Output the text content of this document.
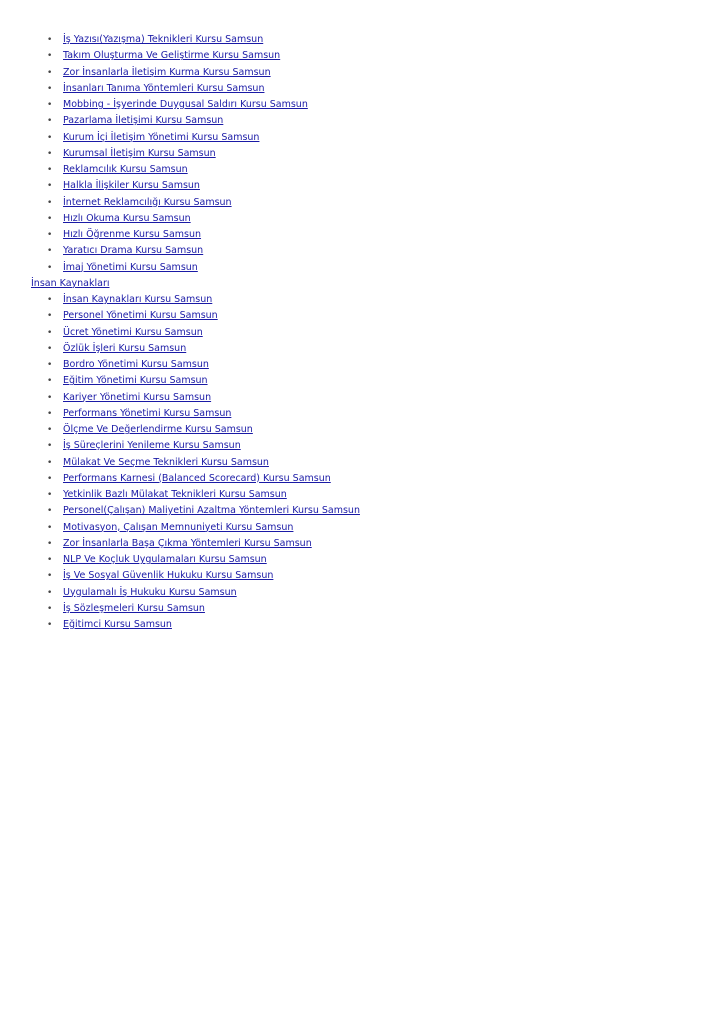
•	İş Yazısı(Yazışma) Teknikleri Kursu Samsun
•	Takım Oluşturma Ve Geliştirme Kursu Samsun
•	Zor İnsanlarla İletişim Kurma Kursu Samsun
•	İnsanları Tanıma Yöntemleri Kursu Samsun
•	Mobbing - İşyerinde Duygusal Saldırı Kursu Samsun
•	Pazarlama İletişimi Kursu Samsun
•	Kurum İçi İletişim Yönetimi Kursu Samsun
•	Kurumsal İletişim Kursu Samsun
•	Reklamcılık Kursu Samsun
•	Halkla İlişkiler Kursu Samsun
•	İnternet Reklamcılığı Kursu Samsun
•	Hızlı Okuma Kursu Samsun
•	Hızlı Öğrenme Kursu Samsun
•	Yaratıcı Drama Kursu Samsun
•	İmaj Yönetimi Kursu Samsun
İnsan Kaynakları
•	İnsan Kaynakları Kursu Samsun
•	Personel Yönetimi Kursu Samsun
•	Ücret Yönetimi Kursu Samsun
•	Özlük İşleri Kursu Samsun
•	Bordro Yönetimi Kursu Samsun
•	Eğitim Yönetimi Kursu Samsun
•	Kariyer Yönetimi Kursu Samsun
•	Performans Yönetimi Kursu Samsun
•	Ölçme Ve Değerlendirme Kursu Samsun
•	İş Süreçlerini Yenileme Kursu Samsun
•	Mülakat Ve Seçme Teknikleri Kursu Samsun
•	Performans Karnesi (Balanced Scorecard) Kursu Samsun
•	Yetkinlik Bazlı Mülakat Teknikleri Kursu Samsun
•	Personel(Çalışan) Maliyetini Azaltma Yöntemleri Kursu Samsun
•	Motivasyon, Çalışan Memnuniyeti Kursu Samsun
•	Zor İnsanlarla Başa Çıkma Yöntemleri Kursu Samsun
•	NLP Ve Koçluk Uygulamaları Kursu Samsun
•	İş Ve Sosyal Güvenlik Hukuku Kursu Samsun
•	Uygulamalı İş Hukuku Kursu Samsun
•	İş Sözleşmeleri Kursu Samsun
•	Eğitimci Kursu Samsun
